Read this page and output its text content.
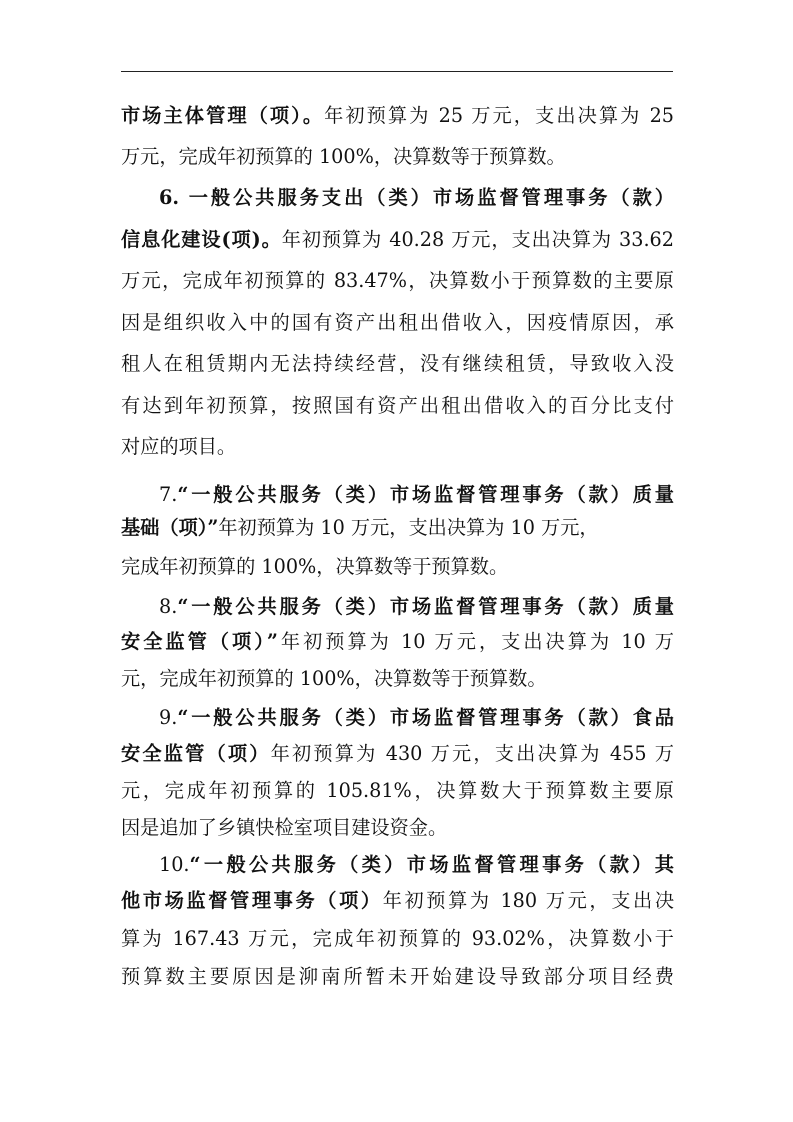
市场主体管理（项）。年初预算为 25 万元，支出决算为 25
万元，完成年初预算的 100%，决算数等于预算数。
6. 一般公共服务支出（类）市场监督管理事务（款）
信息化建设(项)。年初预算为 40.28 万元，支出决算为 33.62
万元，完成年初预算的 83.47%，决算数小于预算数的主要原
因是组织收入中的国有资产出租出借收入，因疫情原因，承
租人在租赁期内无法持续经营，没有继续租赁，导致收入没
有达到年初预算，按照国有资产出租出借收入的百分比支付
对应的项目。
7.“一般公共服务（类）市场监督管理事务（款）质量
基础（项）”年初预算为 10 万元，支出决算为 10 万元，
完成年初预算的 100%，决算数等于预算数。
8.“一般公共服务（类）市场监督管理事务（款）质量
安全监管（项）”年初预算为 10 万元，支出决算为 10 万
元，完成年初预算的 100%，决算数等于预算数。
9.“一般公共服务（类）市场监督管理事务（款）食品
安全监管（项）年初预算为 430 万元，支出决算为 455 万
元，完成年初预算的 105.81%，决算数大于预算数主要原
因是追加了乡镇快检室项目建设资金。
10.“一般公共服务（类）市场监督管理事务（款）其
他市场监督管理事务（项）年初预算为 180 万元，支出决
算为 167.43 万元，完成年初预算的 93.02%，决算数小于
预算数主要原因是泖南所暂未开始建设导致部分项目经费
